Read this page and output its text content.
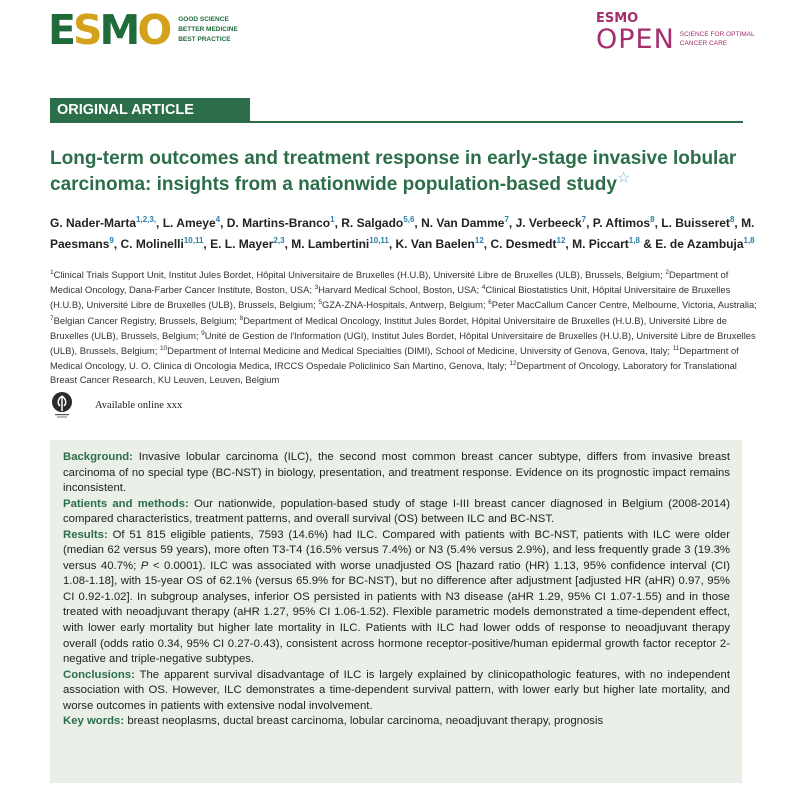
E S M O GOOD SCIENCE
BETTER MEDICINE
BEST PRACTICE
ESMO
OPEN SCIENCE FOR OPTIMAL
CANCER CARE
ORIGINAL ARTICLE
Long-term outcomes and treatment response in early-stage invasive lobular carcinoma: insights from a nationwide population-based study☆
G. Nader-Marta$^{1,2,3,}$, L. Ameye$^4$, D. Martins-Branco$^1$, R. Salgado$^{5,6}$, N. Van Damme$^7$, J. Verbeeck$^7$, P. Aftimos$^8$, L. Buisseret$^8$, M. Paesmans$^9$, C. Molinelli$^{10,11}$, E. L. Mayer$^{2,3}$, M. Lambertini$^{10,11}$, K. Van Baelen$^{12}$, C. Desmedt$^{12}$, M. Piccart$^{1,8}$ & E. de Azambuja$^{1,8}$
$^1$Clinical Trials Support Unit, Institut Jules Bordet, Hôpital Universitaire de Bruxelles (H.U.B), Université Libre de Bruxelles (ULB), Brussels, Belgium; $^2$Department of Medical Oncology, Dana-Farber Cancer Institute, Boston, USA; $^3$Harvard Medical School, Boston, USA; $^4$Clinical Biostatistics Unit, Hôpital Universitaire de Bruxelles (H.U.B), Université Libre de Bruxelles (ULB), Brussels, Belgium; $^5$GZA-ZNA-Hospitals, Antwerp, Belgium; $^6$Peter MacCallum Cancer Centre, Melbourne, Victoria, Australia; $^7$Belgian Cancer Registry, Brussels, Belgium; $^8$Department of Medical Oncology, Institut Jules Bordet, Hôpital Universitaire de Bruxelles (H.U.B), Université Libre de Bruxelles (ULB), Brussels, Belgium; $^9$Unité de Gestion de l'Information (UGI), Institut Jules Bordet, Hôpital Universitaire de Bruxelles (H.U.B), Université Libre de Bruxelles (ULB), Brussels, Belgium; $^{10}$Department of Internal Medicine and Medical Specialties (DIMI), School of Medicine, University of Genova, Genova, Italy; $^{11}$Department of Medical Oncology, U. O. Clinica di Oncologia Medica, IRCCS Ospedale Policlinico San Martino, Genova, Italy; $^{12}$Department of Oncology, Laboratory for Translational Breast Cancer Research, KU Leuven, Leuven, Belgium
Available online xxx

Background: Invasive lobular carcinoma (ILC), the second most common breast cancer subtype, differs from invasive breast carcinoma of no special type (BC-NST) in biology, presentation, and treatment response. Evidence on its prognostic impact remains inconsistent.

Patients and methods: Our nationwide, population-based study of stage I-III breast cancer diagnosed in Belgium (2008-2014) compared characteristics, treatment patterns, and overall survival (OS) between ILC and BC-NST.

Results: Of 51 815 eligible patients, 7593 (14.6%) had ILC. Compared with patients with BC-NST, patients with ILC were older (median 62 versus 59 years), more often T3-T4 (16.5% versus 7.4%) or N3 (5.4% versus 2.9%), and less frequently grade 3 (19.3% versus 40.7%; P < 0.0001). ILC was associated with worse unadjusted OS [hazard ratio (HR) 1.13, 95% confidence interval (CI) 1.08-1.18], with 15-year OS of 62.1% (versus 65.9% for BC-NST), but no difference after adjustment [adjusted HR (aHR) 0.97, 95% CI 0.92-1.02]. In subgroup analyses, inferior OS persisted in patients with N3 disease (aHR 1.29, 95% CI 1.07-1.55) and in those treated with neoadjuvant therapy (aHR 1.27, 95% CI 1.06-1.52). Flexible parametric models demonstrated a time-dependent effect, with lower early mortality but higher late mortality in ILC. Patients with ILC had lower odds of response to neoadjuvant therapy overall (odds ratio 0.34, 95% CI 0.27-0.43), consistent across hormone receptor-positive/human epidermal growth factor receptor 2-negative and triple-negative subtypes.

Conclusions: The apparent survival disadvantage of ILC is largely explained by clinicopathologic features, with no independent association with OS. However, ILC demonstrates a time-dependent survival pattern, with lower early but higher late mortality, and worse outcomes in patients with extensive nodal involvement.

Key words: breast neoplasms, ductal breast carcinoma, lobular carcinoma, neoadjuvant therapy, prognosis
